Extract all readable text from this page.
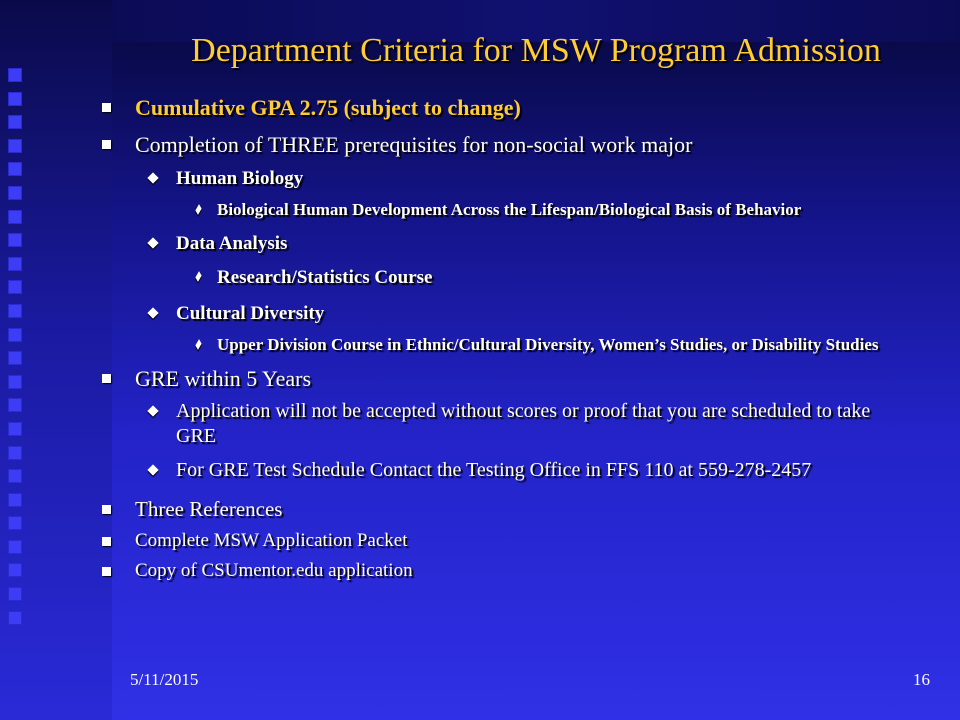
Department Criteria for MSW Program Admission
Cumulative GPA 2.75 (subject to change)
Completion of THREE prerequisites for non-social work major
Human Biology
Biological Human Development Across the Lifespan/Biological Basis of Behavior
Data Analysis
Research/Statistics Course
Cultural Diversity
Upper Division Course in Ethnic/Cultural Diversity, Women’s Studies, or Disability Studies
GRE within 5 Years
Application will not be accepted without scores or proof that you are scheduled to take GRE
For GRE Test Schedule Contact the Testing Office in FFS 110 at 559-278-2457
Three References
Complete MSW Application Packet
Copy of CSUmentor.edu application
5/11/2015	16
